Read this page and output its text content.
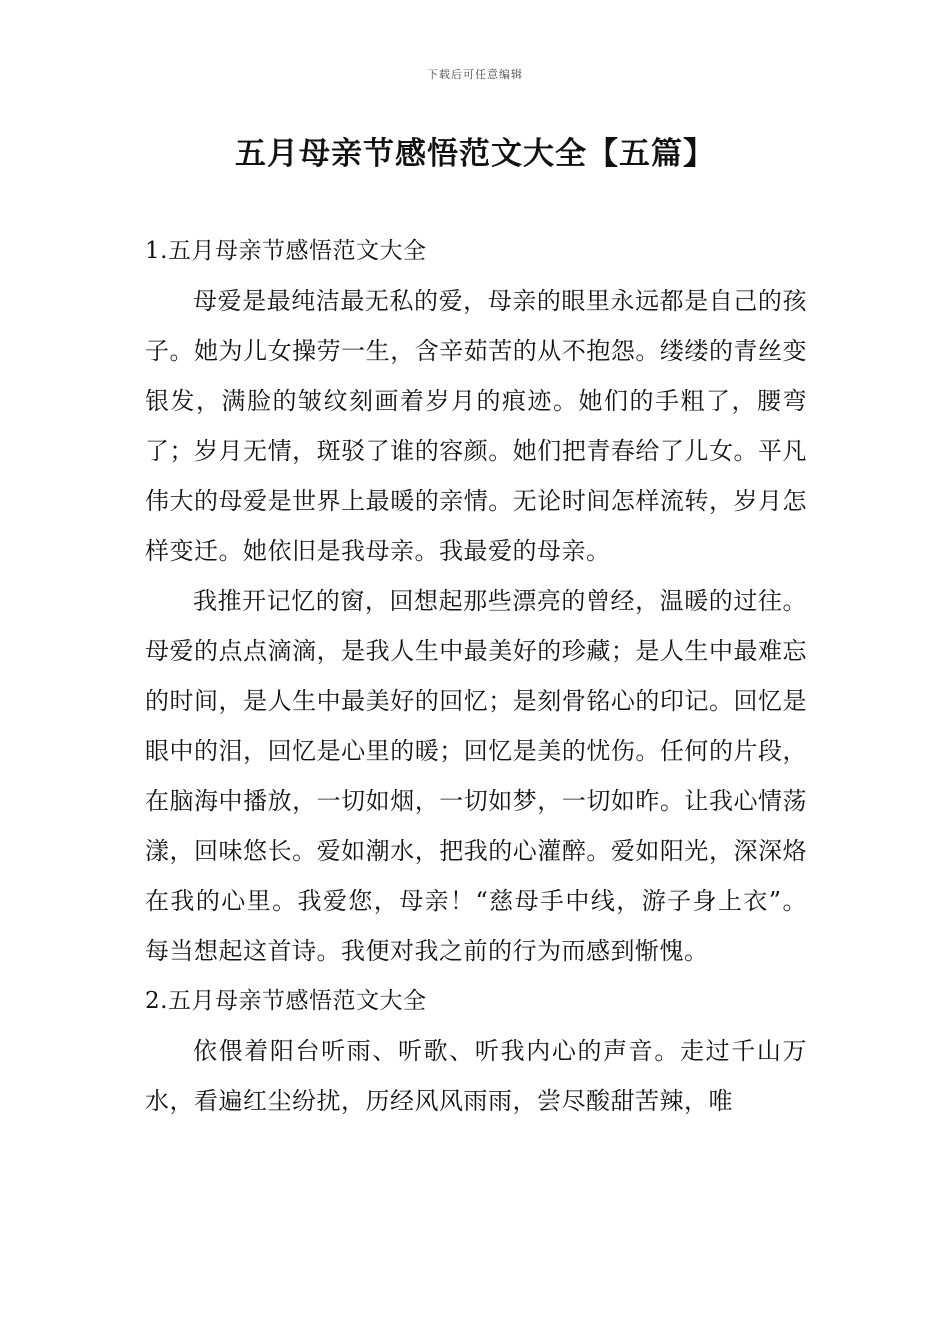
下载后可任意编辑
五月母亲节感悟范文大全【五篇】
1.五月母亲节感悟范文大全

母爱是最纯洁最无私的爱，母亲的眼里永远都是自己的孩子。她为儿女操劳一生，含辛茹苦的从不抱怨。缕缕的青丝变银发，满脸的皱纹刻画着岁月的痕迹。她们的手粗了，腰弯了；岁月无情，斑驳了谁的容颜。她们把青春给了儿女。平凡伟大的母爱是世界上最暖的亲情。无论时间怎样流转，岁月怎样变迁。她依旧是我母亲。我最爱的母亲。

我推开记忆的窗，回想起那些漂亮的曾经，温暖的过往。母爱的点点滴滴，是我人生中最美好的珍藏；是人生中最难忘的时间，是人生中最美好的回忆；是刻骨铭心的印记。回忆是眼中的泪，回忆是心里的暖；回忆是美的忧伤。任何的片段，在脑海中播放，一切如烟，一切如梦，一切如昨。让我心情荡漾，回味悠长。爱如潮水，把我的心灌醉。爱如阳光，深深烙在我的心里。我爱您，母亲！“慈母手中线，游子身上衣”。每当想起这首诗。我便对我之前的行为而感到惭愧。

2.五月母亲节感悟范文大全

依偎着阳台听雨、听歌、听我内心的声音。走过千山万水，看遍红尘纷扰，历经风风雨雨，尝尽酸甜苦辣，唯
